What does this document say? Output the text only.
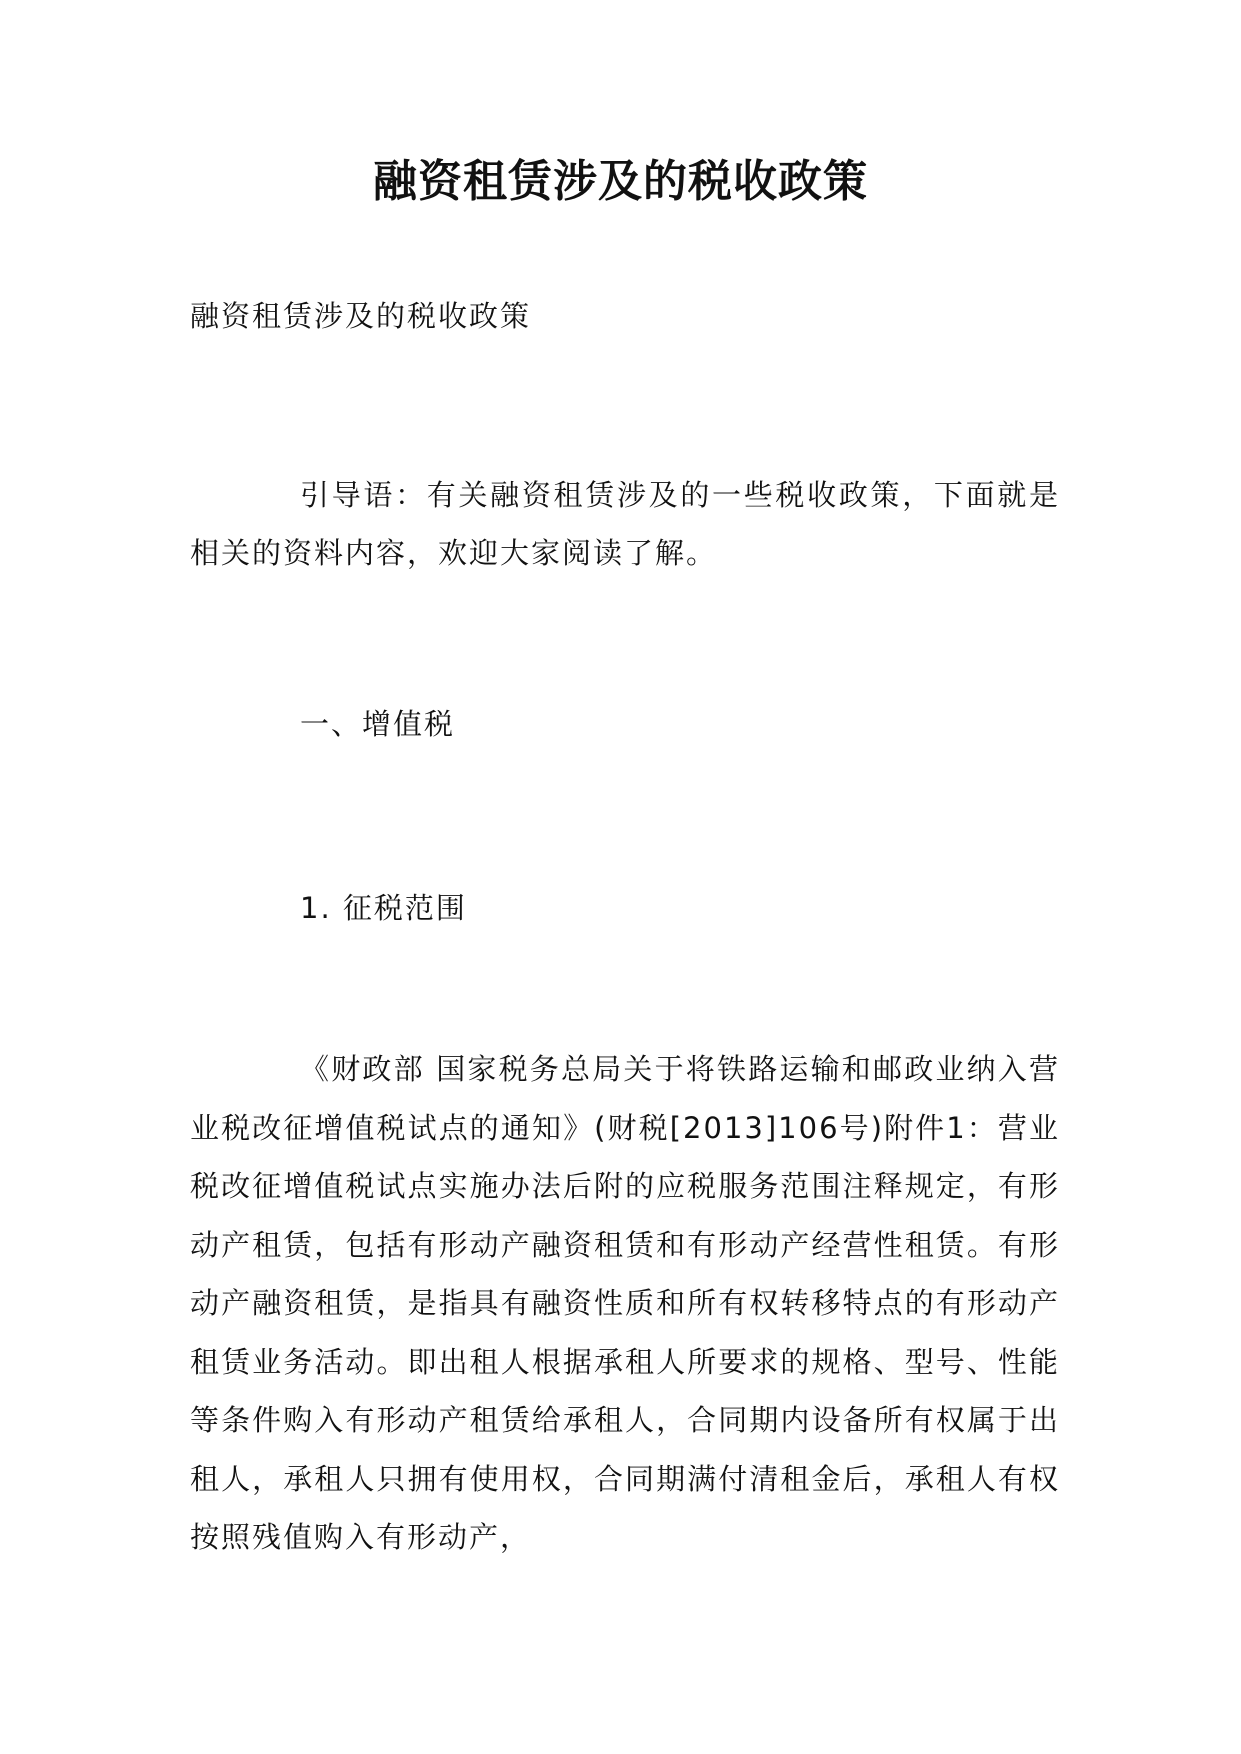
融资租赁涉及的税收政策

融资租赁涉及的税收政策

引导语：有关融资租赁涉及的一些税收政策，下面就是相关的资料内容，欢迎大家阅读了解。

一、增值税

1. 征税范围

《财政部 国家税务总局关于将铁路运输和邮政业纳入营业税改征增值税试点的通知》(财税[2013]106号)附件1：营业税改征增值税试点实施办法后附的应税服务范围注释规定，有形动产租赁，包括有形动产融资租赁和有形动产经营性租赁。有形动产融资租赁，是指具有融资性质和所有权转移特点的有形动产租赁业务活动。即出租人根据承租人所要求的规格、型号、性能等条件购入有形动产租赁给承租人，合同期内设备所有权属于出租人，承租人只拥有使用权，合同期满付清租金后，承租人有权按照残值购入有形动产，
